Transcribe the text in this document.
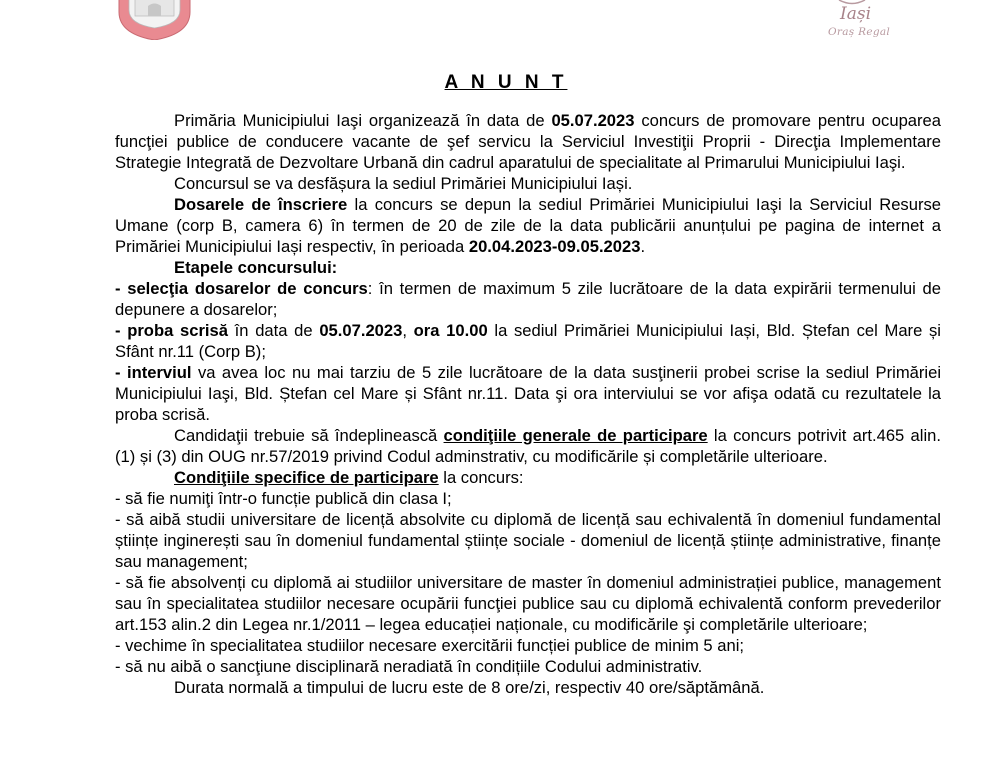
Iași
Oraș Regal
A N U N T

Primăria Municipiului Iaşi organizează în data de 05.07.2023 concurs de promovare pentru ocuparea funcţiei publice de conducere vacante de şef servicu la Serviciul Investiţii Proprii - Direcţia Implementare Strategie Integrată de Dezvoltare Urbană din cadrul aparatului de specialitate al Primarului Municipiului Iaşi.

Concursul se va desfășura la sediul Primăriei Municipiului Iași.

Dosarele de înscriere la concurs se depun la sediul Primăriei Municipiului Iaşi la Serviciul Resurse Umane (corp B, camera 6) în termen de 20 de zile de la data publicării anunțului pe pagina de internet a Primăriei Municipiului Iași respectiv, în perioada 20.04.2023-09.05.2023.

Etapele concursului:

- selecţia dosarelor de concurs: în termen de maximum 5 zile lucrătoare de la data expirării termenului de depunere a dosarelor;

- proba scrisă în data de 05.07.2023, ora 10.00 la sediul Primăriei Municipiului Iași, Bld. Ștefan cel Mare și Sfânt nr.11 (Corp B);

- interviul va avea loc nu mai tarziu de 5 zile lucrătoare de la data susţinerii probei scrise la sediul Primăriei Municipiului Iaşi, Bld. Ștefan cel Mare și Sfânt nr.11. Data şi ora interviului se vor afişa odată cu rezultatele la proba scrisă.

Candidaţii trebuie să îndeplinească condiţiile generale de participare la concurs potrivit art.465 alin.(1) și (3) din OUG nr.57/2019 privind Codul adminstrativ, cu modificările și completările ulterioare.

Condiţiile specifice de participare la concurs:

- să fie numiţi într-o funcție publică din clasa I;

- să aibă studii universitare de licență absolvite cu diplomă de licență sau echivalentă în domeniul fundamental științe inginerești sau în domeniul fundamental științe sociale - domeniul de licență științe administrative, finanțe sau management;

- să fie absolvenți cu diplomă ai studiilor universitare de master în domeniul administrației publice, management sau în specialitatea studiilor necesare ocupării funcţiei publice sau cu diplomă echivalentă conform prevederilor art.153 alin.2 din Legea nr.1/2011 – legea educației naționale, cu modificările şi completările ulterioare;

- vechime în specialitatea studiilor necesare exercitării funcției publice de minim 5 ani;

- să nu aibă o sancţiune disciplinară neradiată în condițiile Codului administrativ.

Durata normală a timpului de lucru este de 8 ore/zi, respectiv 40 ore/săptămână.
